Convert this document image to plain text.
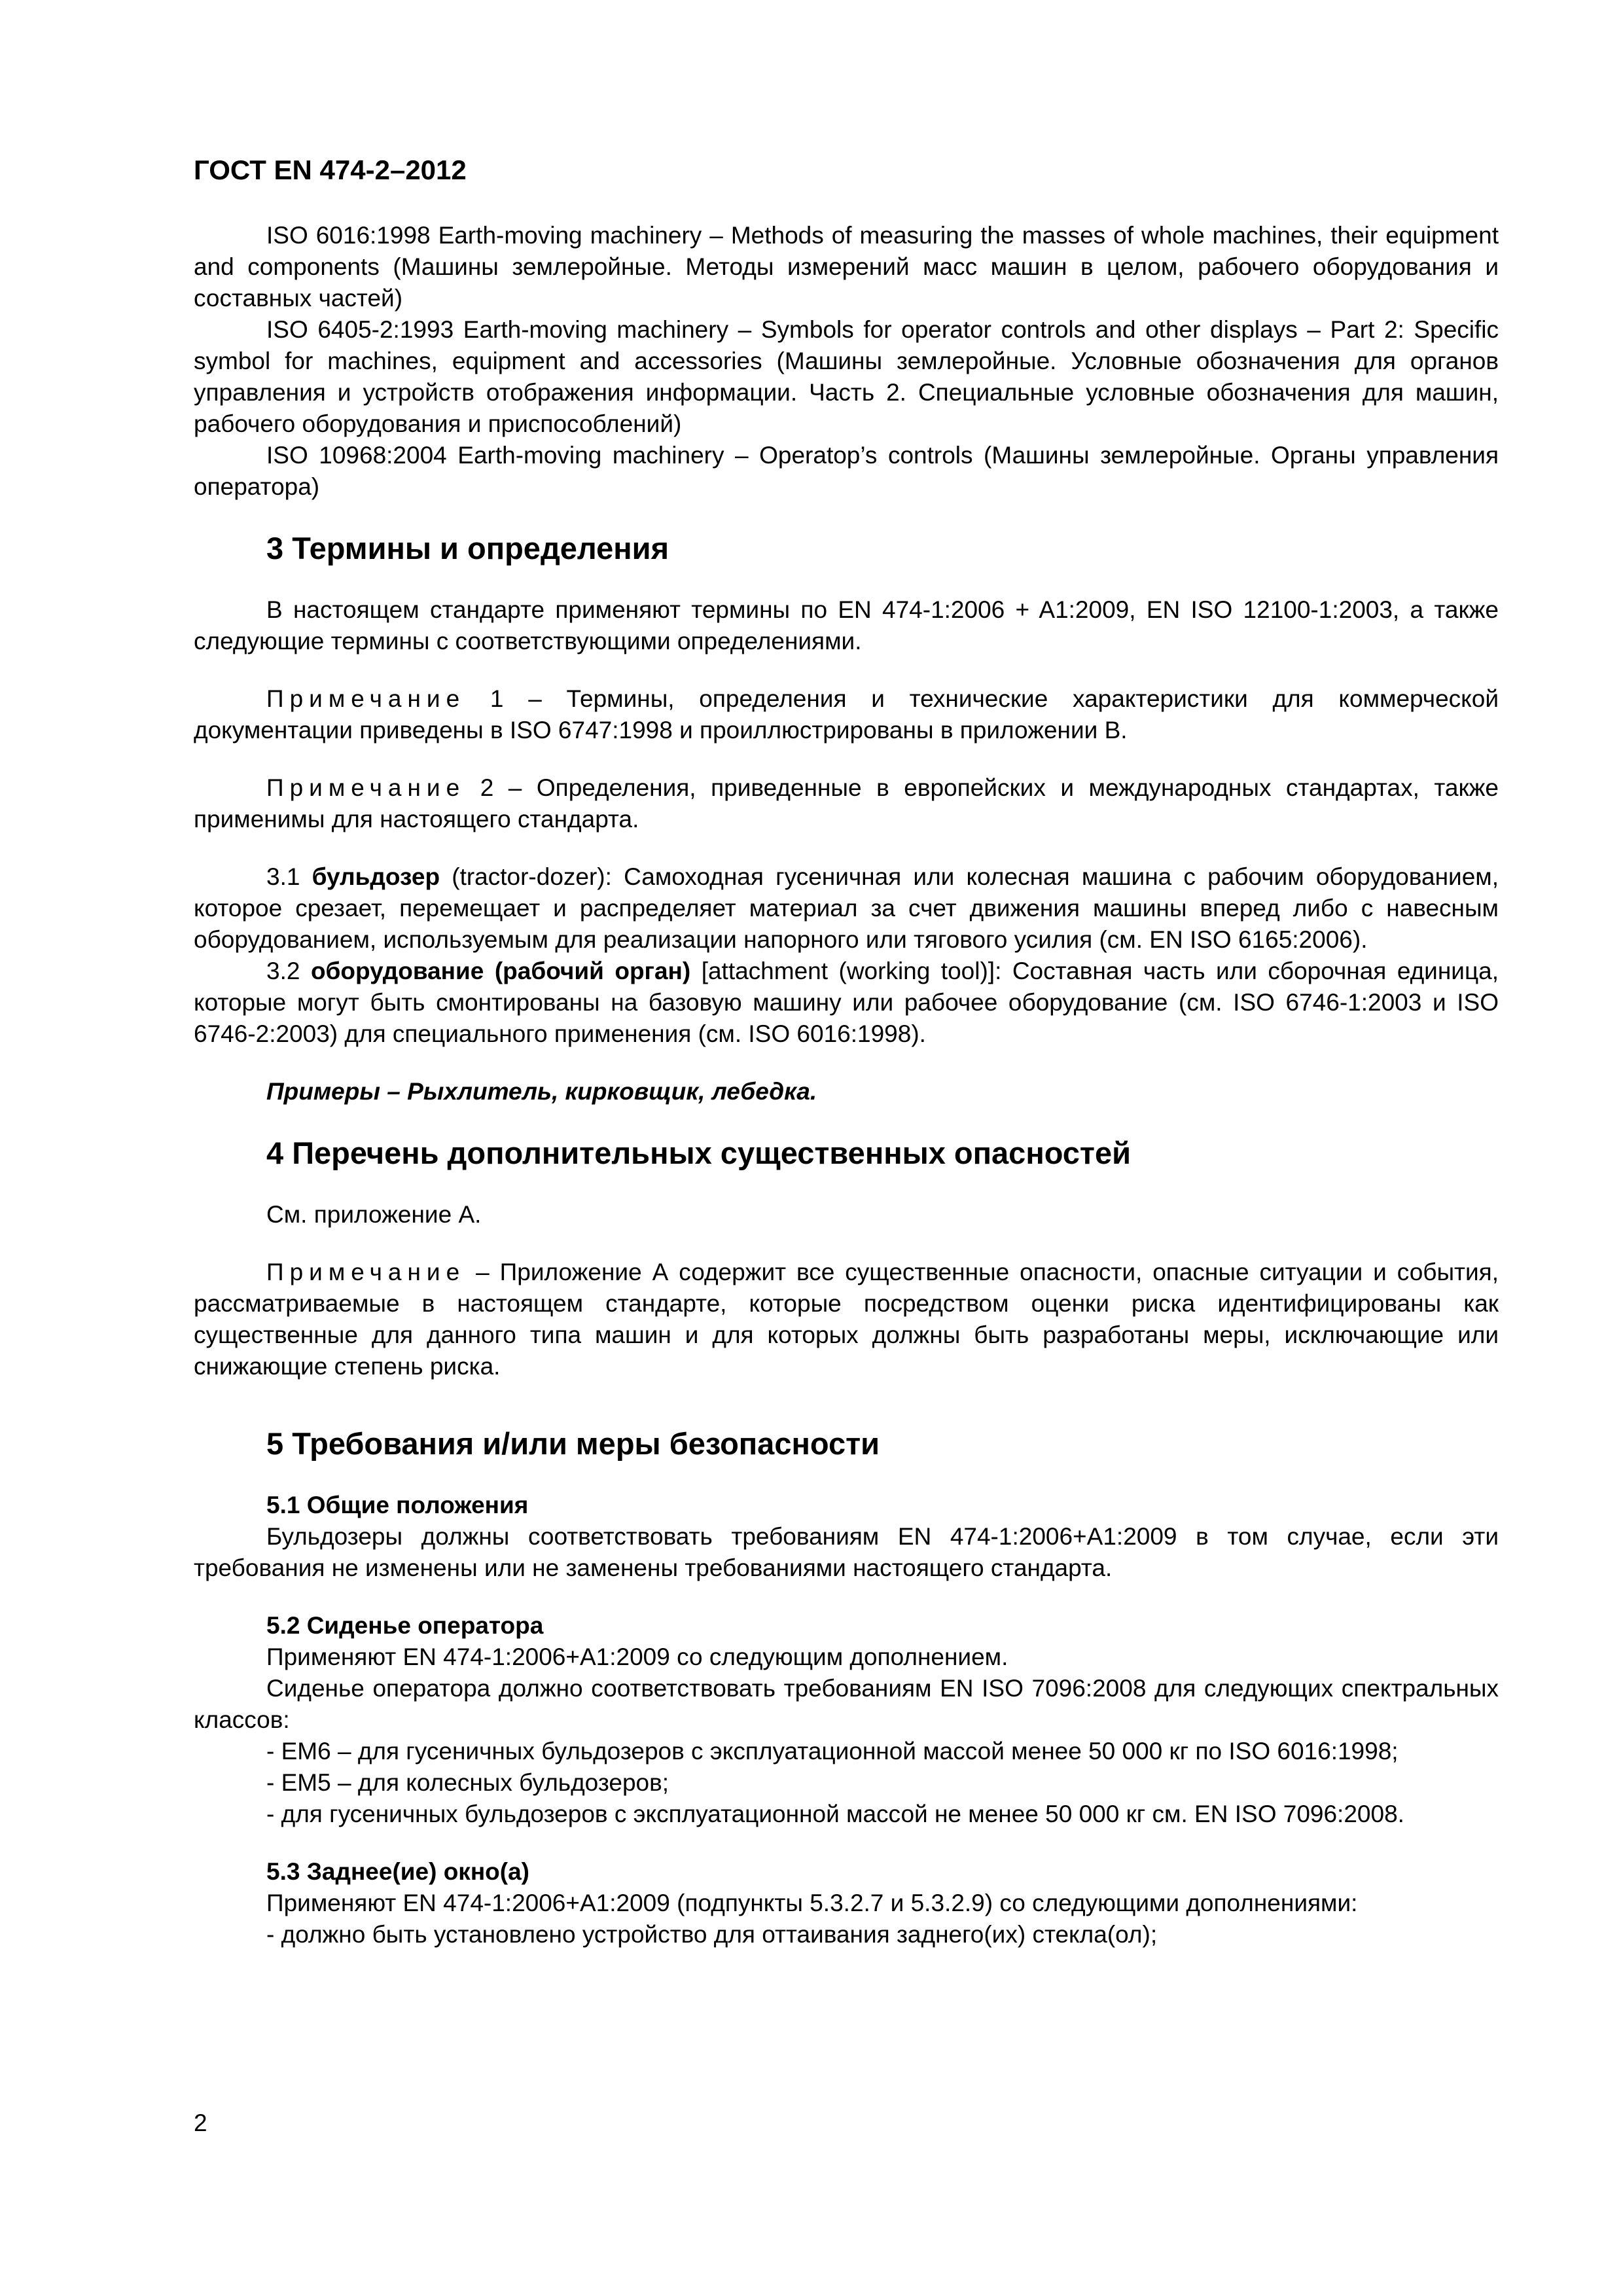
ГОСТ EN 474-2–2012

ISO 6016:1998 Earth-moving machinery – Methods of measuring the masses of whole machines, their equipment and components (Машины землеройные. Методы измерений масс машин в целом, рабочего оборудования и составных частей)

ISO 6405-2:1993 Earth-moving machinery – Symbols for operator controls and other displays – Part 2: Specific symbol for machines, equipment and accessories (Машины землеройные. Условные обозначения для органов управления и устройств отображения информации. Часть 2. Специальные условные обозначения для машин, рабочего оборудования и приспособлений)

ISO 10968:2004 Earth-moving machinery – Operatop’s controls (Машины землеройные. Органы управления оператора)

3 Термины и определения

В настоящем стандарте применяют термины по EN 474-1:2006 + A1:2009, EN ISO 12100-1:2003, а также следующие термины с соответствующими определениями.

Примечание 1 – Термины, определения и технические характеристики для коммерческой документации приведены в ISO 6747:1998 и проиллюстрированы в приложении В.

Примечание 2 – Определения, приведенные в европейских и международных стандартах, также применимы для настоящего стандарта.

3.1 бульдозер (tractor-dozer): Самоходная гусеничная или колесная машина с рабочим оборудованием, которое срезает, перемещает и распределяет материал за счет движения машины вперед либо с навесным оборудованием, используемым для реализации напорного или тягового усилия (см. EN ISO 6165:2006).

3.2 оборудование (рабочий орган) [attachment (working tool)]: Составная часть или сборочная единица, которые могут быть смонтированы на базовую машину или рабочее оборудование (см. ISO 6746-1:2003 и ISO 6746-2:2003) для специального применения (см. ISO 6016:1998).

Примеры – Рыхлитель, кирковщик, лебедка.

4 Перечень дополнительных существенных опасностей

См. приложение А.

Примечание – Приложение А содержит все существенные опасности, опасные ситуации и события, рассматриваемые в настоящем стандарте, которые посредством оценки риска идентифицированы как существенные для данного типа машин и для которых должны быть разработаны меры, исключающие или снижающие степень риска.

5 Требования и/или меры безопасности
5.1 Общие положения

Бульдозеры должны соответствовать требованиям EN 474-1:2006+A1:2009 в том случае, если эти требования не изменены или не заменены требованиями настоящего стандарта.

5.2 Сиденье оператора

Применяют EN 474-1:2006+A1:2009 со следующим дополнением.

Сиденье оператора должно соответствовать требованиям EN ISO 7096:2008 для следующих спектральных классов:

- EM6 – для гусеничных бульдозеров с эксплуатационной массой менее 50 000 кг по ISO 6016:1998;

- EM5 – для колесных бульдозеров;

- для гусеничных бульдозеров с эксплуатационной массой не менее 50 000 кг см. EN ISO 7096:2008.

5.3 Заднее(ие) окно(а)

Применяют EN 474-1:2006+A1:2009 (подпункты 5.3.2.7 и 5.3.2.9) со следующими дополнениями:

- должно быть установлено устройство для оттаивания заднего(их) стекла(ол);

2
